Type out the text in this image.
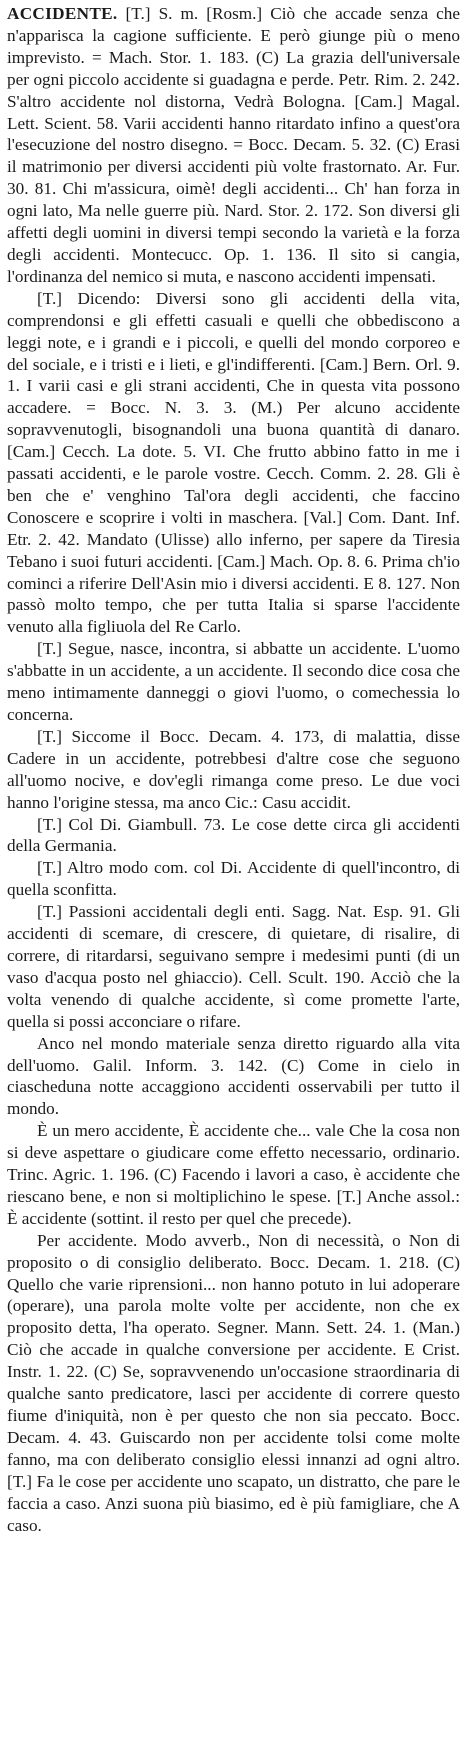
ACCIDENTE. [T.] S. m. [Rosm.] Ciò che accade senza che n'apparisca la cagione sufficiente. E però giunge più o meno imprevisto. = Mach. Stor. 1. 183. (C) La grazia dell'universale per ogni piccolo accidente si guadagna e perde. Petr. Rim. 2. 242. S'altro accidente nol distorna, Vedrà Bologna. [Cam.] Magal. Lett. Scient. 58. Varii accidenti hanno ritardato infino a quest'ora l'esecuzione del nostro disegno. = Bocc. Decam. 5. 32. (C) Erasi il matrimonio per diversi accidenti più volte frastornato. Ar. Fur. 30. 81. Chi m'assicura, oimè! degli accidenti... Ch' han forza in ogni lato, Ma nelle guerre più. Nard. Stor. 2. 172. Son diversi gli affetti degli uomini in diversi tempi secondo la varietà e la forza degli accidenti. Montecucc. Op. 1. 136. Il sito si cangia, l'ordinanza del nemico si muta, e nascono accidenti impensati.

[T.] Dicendo: Diversi sono gli accidenti della vita, comprendonsi e gli effetti casuali e quelli che obbediscono a leggi note, e i grandi e i piccoli, e quelli del mondo corporeo e del sociale, e i tristi e i lieti, e gl'indifferenti. [Cam.] Bern. Orl. 9. 1. I varii casi e gli strani accidenti, Che in questa vita possono accadere. = Bocc. N. 3. 3. (M.) Per alcuno accidente sopravvenutogli, bisognandoli una buona quantità di danaro. [Cam.] Cecch. La dote. 5. VI. Che frutto abbino fatto in me i passati accidenti, e le parole vostre. Cecch. Comm. 2. 28. Gli è ben che e' venghino Tal'ora degli accidenti, che faccino Conoscere e scoprire i volti in maschera. [Val.] Com. Dant. Inf. Etr. 2. 42. Mandato (Ulisse) allo inferno, per sapere da Tiresia Tebano i suoi futuri accidenti. [Cam.] Mach. Op. 8. 6. Prima ch'io cominci a riferire Dell'Asin mio i diversi accidenti. E 8. 127. Non passò molto tempo, che per tutta Italia si sparse l'accidente venuto alla figliuola del Re Carlo.

[T.] Segue, nasce, incontra, si abbatte un accidente. L'uomo s'abbatte in un accidente, a un accidente. Il secondo dice cosa che meno intimamente danneggi o giovi l'uomo, o comechessia lo concerna.

[T.] Siccome il Bocc. Decam. 4. 173, di malattia, disse Cadere in un accidente, potrebbesi d'altre cose che seguono all'uomo nocive, e dov'egli rimanga come preso. Le due voci hanno l'origine stessa, ma anco Cic.: Casu accidit.

[T.] Col Di. Giambull. 73. Le cose dette circa gli accidenti della Germania.

[T.] Altro modo com. col Di. Accidente di quell'incontro, di quella sconfitta.

[T.] Passioni accidentali degli enti. Sagg. Nat. Esp. 91. Gli accidenti di scemare, di crescere, di quietare, di risalire, di correre, di ritardarsi, seguivano sempre i medesimi punti (di un vaso d'acqua posto nel ghiaccio). Cell. Scult. 190. Acciò che la volta venendo di qualche accidente, sì come promette l'arte, quella si possi acconciare o rifare.

Anco nel mondo materiale senza diretto riguardo alla vita dell'uomo. Galil. Inform. 3. 142. (C) Come in cielo in ciascheduna notte accaggiono accidenti osservabili per tutto il mondo.

È un mero accidente, È accidente che... vale Che la cosa non si deve aspettare o giudicare come effetto necessario, ordinario. Trinc. Agric. 1. 196. (C) Facendo i lavori a caso, è accidente che riescano bene, e non si moltiplichino le spese. [T.] Anche assol.: È accidente (sottint. il resto per quel che precede).

Per accidente. Modo avverb., Non di necessità, o Non di proposito o di consiglio deliberato. Bocc. Decam. 1. 218. (C) Quello che varie riprensioni... non hanno potuto in lui adoperare (operare), una parola molte volte per accidente, non che ex proposito detta, l'ha operato. Segner. Mann. Sett. 24. 1. (Man.) Ciò che accade in qualche conversione per accidente. E Crist. Instr. 1. 22. (C) Se, sopravvenendo un'occasione straordinaria di qualche santo predicatore, lasci per accidente di correre questo fiume d'iniquità, non è per questo che non sia peccato. Bocc. Decam. 4. 43. Guiscardo non per accidente tolsi come molte fanno, ma con deliberato consiglio elessi innanzi ad ogni altro. [T.] Fa le cose per accidente uno scapato, un distratto, che pare le faccia a caso. Anzi suona più biasimo, ed è più famigliare, che A caso.
